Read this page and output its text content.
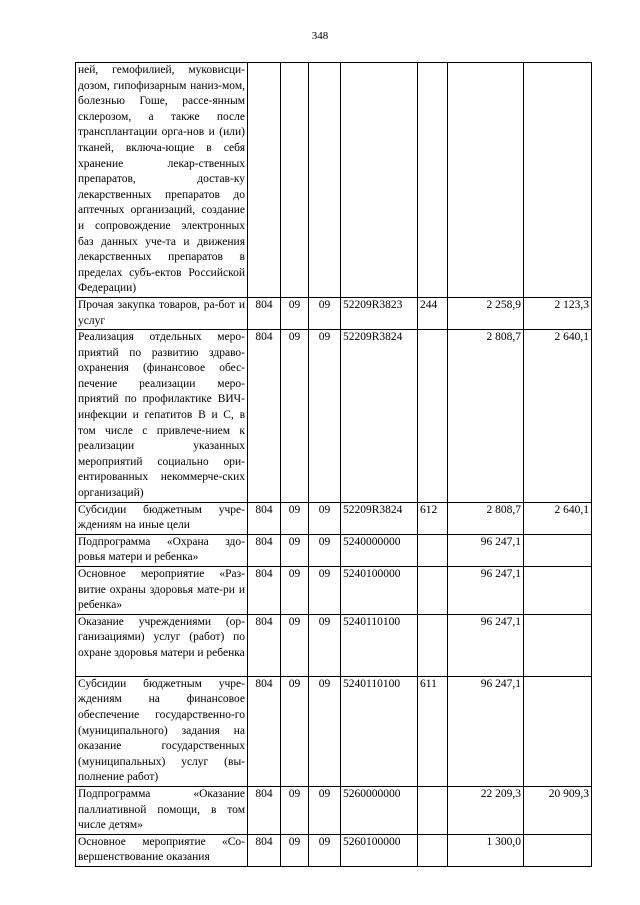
348
ней, гемофилией, муковисци-дозом, гипофизарным наниз-мом, болезнью Гоше, рассе-янным склерозом, а также после трансплантации орга-нов и (или) тканей, включа-ющие в себя хранение лекар-ственных препаратов, достав-ку лекарственных препаратов до аптечных организаций, создание и сопровождение электронных баз данных уче-та и движения лекарственных препаратов в пределах субъ-ектов Российской Федерации)							
Прочая закупка товаров, ра-бот и услуг	804	09	09	52209R3823	244	2 258,9	2 123,3
Реализация отдельных меро-приятий по развитию здраво-охранения (финансовое обес-печение реализации меро-приятий по профилактике ВИЧ-инфекции и гепатитов В и С, в том числе с привлече-нием к реализации указанных мероприятий социально ори-ентированных некоммерче-ских организаций)	804	09	09	52209R3824		2 808,7	2 640,1
Субсидии бюджетным учре-ждениям на иные цели	804	09	09	52209R3824	612	2 808,7	2 640,1
Подпрограмма «Охрана здо-ровья матери и ребенка»	804	09	09	5240000000		96 247,1	
Основное мероприятие «Раз-витие охраны здоровья мате-ри и ребенка»	804	09	09	5240100000		96 247,1	
Оказание учреждениями (ор-ганизациями) услуг (работ) по охране здоровья матери и ребенка	804	09	09	5240110100		96 247,1	
Субсидии бюджетным учре-ждениям на финансовое обеспечение государственно-го (муниципального) задания на оказание государственных (муниципальных) услуг (вы-полнение работ)	804	09	09	5240110100	611	96 247,1	
Подпрограмма «Оказание паллиативной помощи, в том числе детям»	804	09	09	5260000000		22 209,3	20 909,3
Основное мероприятие «Со-вершенствование оказания	804	09	09	5260100000		1 300,0	
